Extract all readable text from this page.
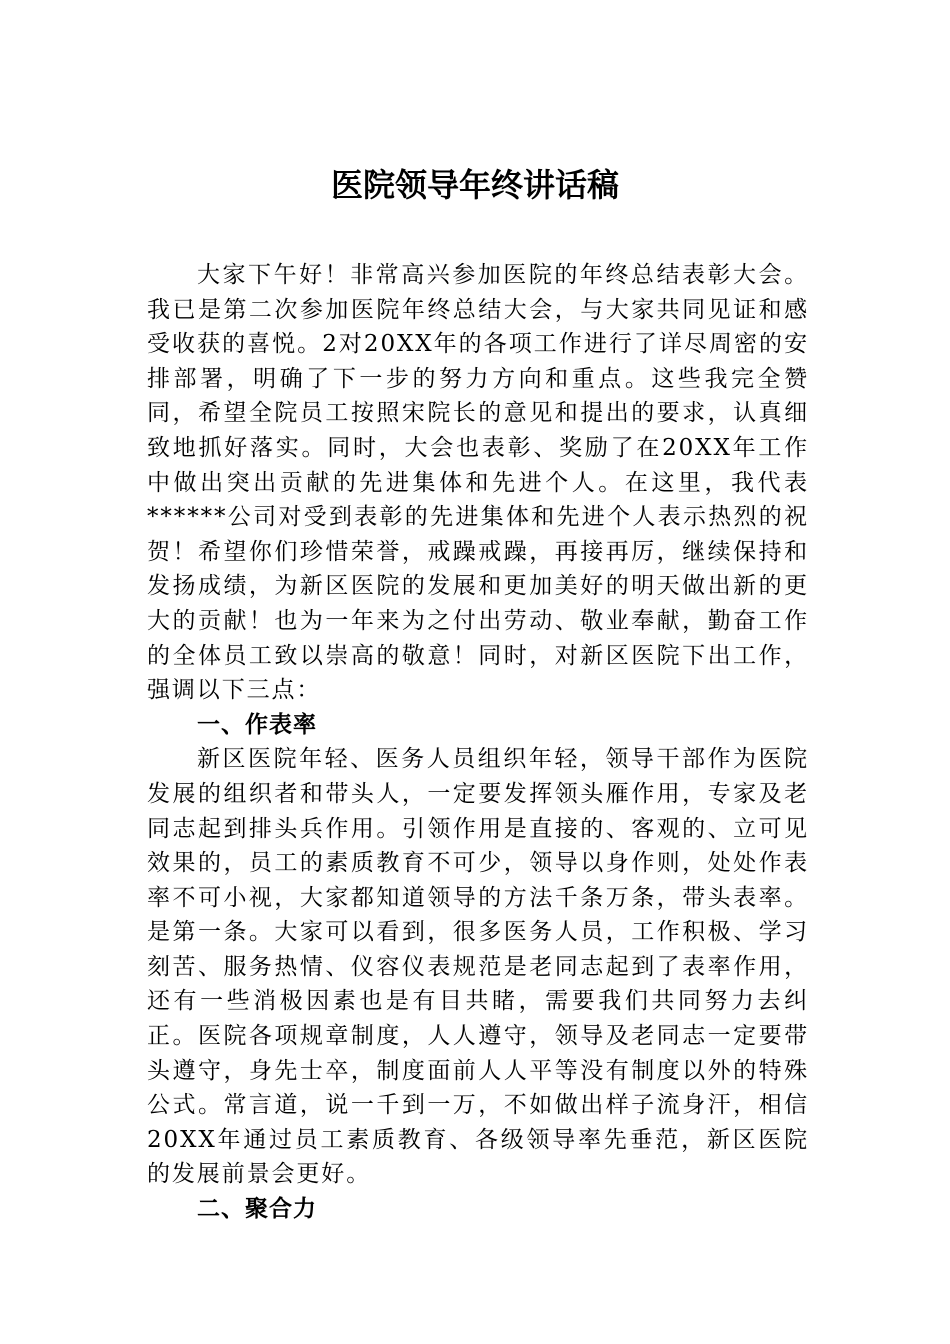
医院领导年终讲话稿

大家下午好！非常高兴参加医院的年终总结表彰大会。我已是第二次参加医院年终总结大会，与大家共同见证和感受收获的喜悦。2对20XX年的各项工作进行了详尽周密的安排部署，明确了下一步的努力方向和重点。这些我完全赞同，希望全院员工按照宋院长的意见和提出的要求，认真细致地抓好落实。同时，大会也表彰、奖励了在20XX年工作中做出突出贡献的先进集体和先进个人。在这里，我代表******公司对受到表彰的先进集体和先进个人表示热烈的祝贺！希望你们珍惜荣誉，戒躁戒躁，再接再厉，继续保持和发扬成绩，为新区医院的发展和更加美好的明天做出新的更大的贡献！也为一年来为之付出劳动、敬业奉献，勤奋工作的全体员工致以崇高的敬意！同时，对新区医院下出工作，强调以下三点：

一、作表率

新区医院年轻、医务人员组织年轻，领导干部作为医院发展的组织者和带头人，一定要发挥领头雁作用，专家及老同志起到排头兵作用。引领作用是直接的、客观的、立可见效果的，员工的素质教育不可少，领导以身作则，处处作表率不可小视，大家都知道领导的方法千条万条，带头表率。是第一条。大家可以看到，很多医务人员，工作积极、学习刻苦、服务热情、仪容仪表规范是老同志起到了表率作用，还有一些消极因素也是有目共睹，需要我们共同努力去纠正。医院各项规章制度，人人遵守，领导及老同志一定要带头遵守，身先士卒，制度面前人人平等没有制度以外的特殊公式。常言道，说一千到一万，不如做出样子流身汗，相信20XX年通过员工素质教育、各级领导率先垂范，新区医院的发展前景会更好。

二、聚合力
